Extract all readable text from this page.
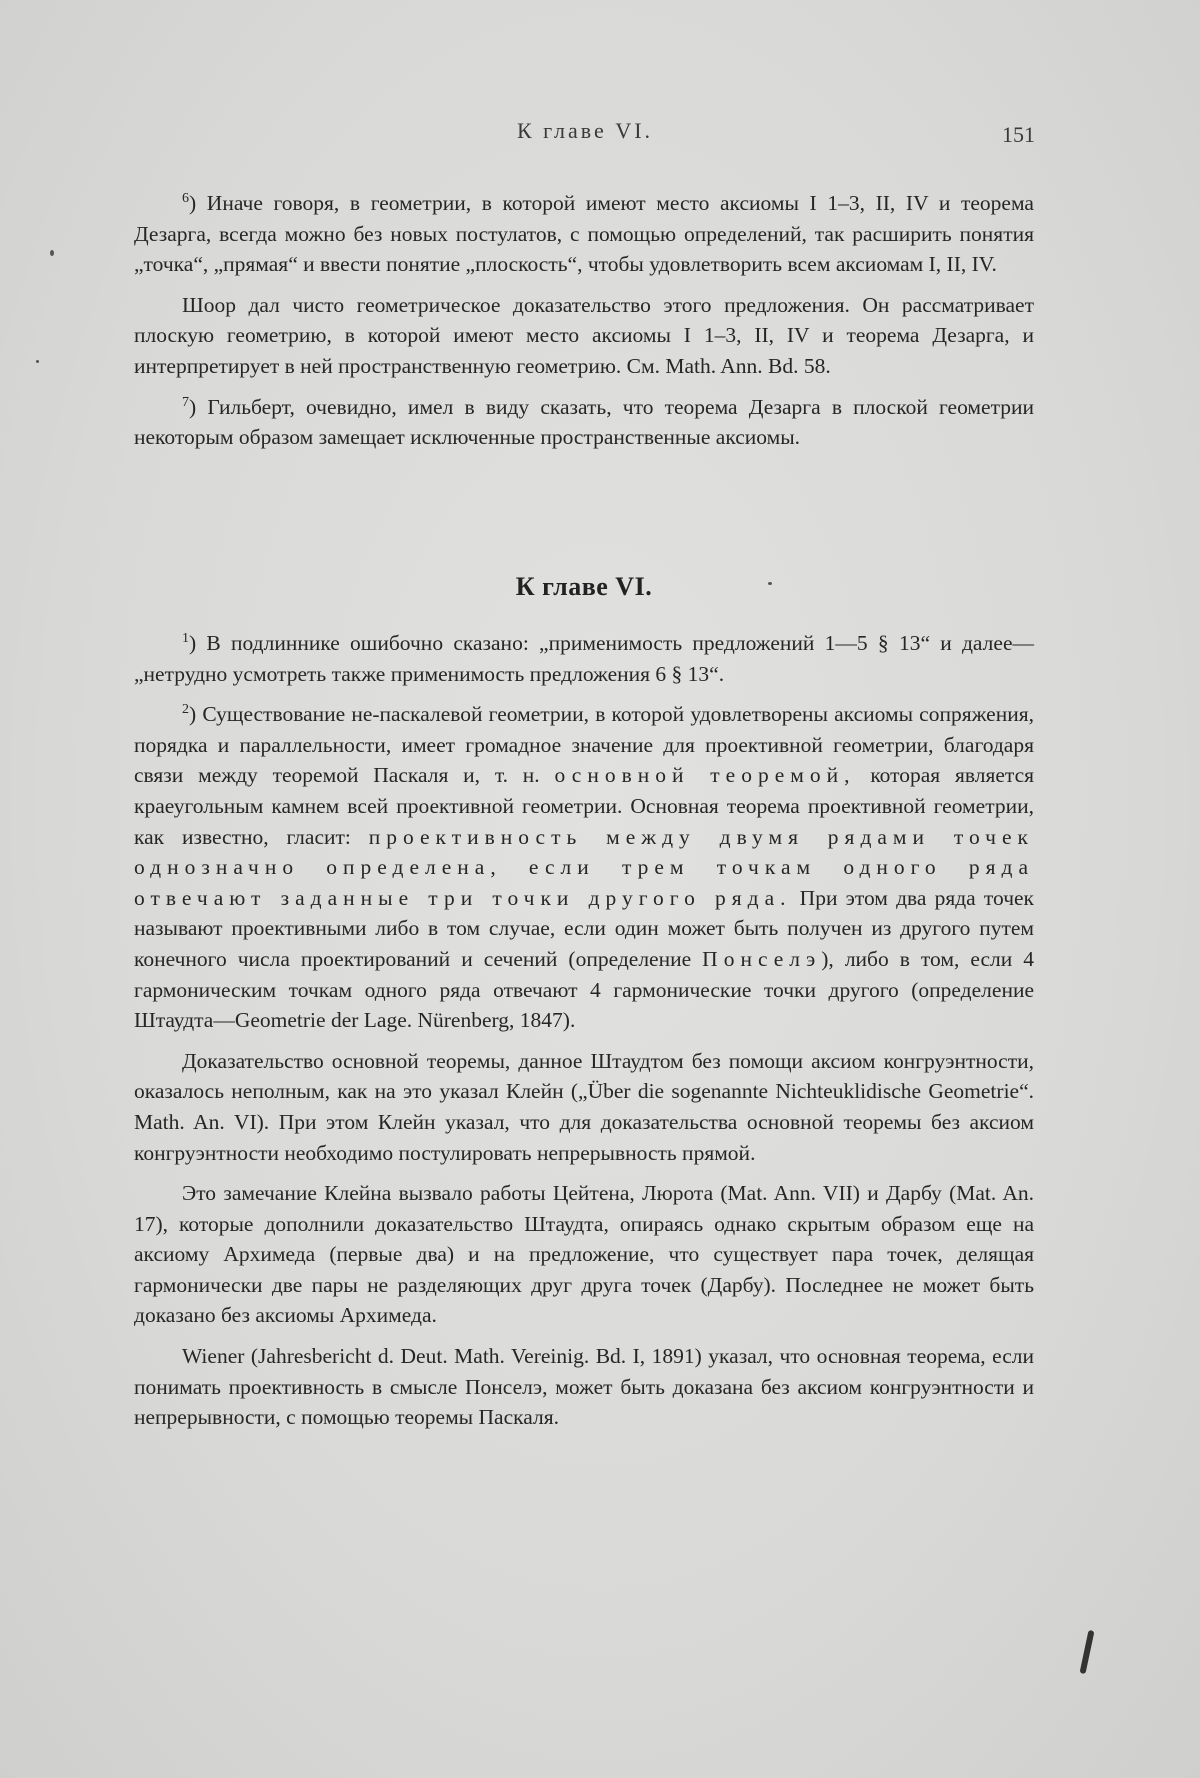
К главе VI.	151

$^6$) Иначе говоря, в геометрии, в которой имеют место аксиомы I 1–3, II, IV и теорема Дезарга, всегда можно без новых постулатов, с помощью определений, так расширить понятия „точка“, „прямая“ и ввести понятие „плоскость“, чтобы удовлетворить всем аксиомам I, II, IV.

Шоор дал чисто геометрическое доказательство этого предложения. Он рассматривает плоскую геометрию, в которой имеют место аксиомы I 1–3, II, IV и теорема Дезарга, и интерпретирует в ней пространственную геометрию. См. Math. Ann. Bd. 58.

$^7$) Гильберт, очевидно, имел в виду сказать, что теорема Дезарга в плоской геометрии некоторым образом замещает исключенные пространственные аксиомы.

К главе VI.

$^1$) В подлиннике ошибочно сказано: „применимость предложений 1—5 § 13“ и далее—„нетрудно усмотреть также применимость предложения 6 § 13“.

$^2$) Существование не-паскалевой геометрии, в которой удовлетворены аксиомы сопряжения, порядка и параллельности, имеет громадное значение для проективной геометрии, благодаря связи между теоремой Паскаля и, т. н. основной теоремой, которая является краеугольным камнем всей проективной геометрии. Основная теорема проективной геометрии, как известно, гласит: проективность между двумя рядами точек однозначно определена, если трем точкам одного ряда отвечают заданные три точки другого ряда. При этом два ряда точек называют проективными либо в том случае, если один может быть получен из другого путем конечного числа проектирований и сечений (определение Понселэ), либо в том, если 4 гармоническим точкам одного ряда отвечают 4 гармонические точки другого (определение Штаудта—Geometrie der Lage. Nürenberg, 1847).

Доказательство основной теоремы, данное Штаудтом без помощи аксиом конгруэнтности, оказалось неполным, как на это указал Клейн („Über die sogenannte Nichteuklidische Geometrie“. Math. An. VI). При этом Клейн указал, что для доказательства основной теоремы без аксиом конгруэнтности необходимо постулировать непрерывность прямой.

Это замечание Клейна вызвало работы Цейтена, Люрота (Mat. Ann. VII) и Дарбу (Mat. An. 17), которые дополнили доказательство Штаудта, опираясь однако скрытым образом еще на аксиому Архимеда (первые два) и на предложение, что существует пара точек, делящая гармонически две пары не разделяющих друг друга точек (Дарбу). Последнее не может быть доказано без аксиомы Архимеда.

Wiener (Jahresbericht d. Deut. Math. Vereinig. Bd. I, 1891) указал, что основная теорема, если понимать проективность в смысле Понселэ, может быть доказана без аксиом конгруэнтности и непрерывности, с помощью теоремы Паскаля.
